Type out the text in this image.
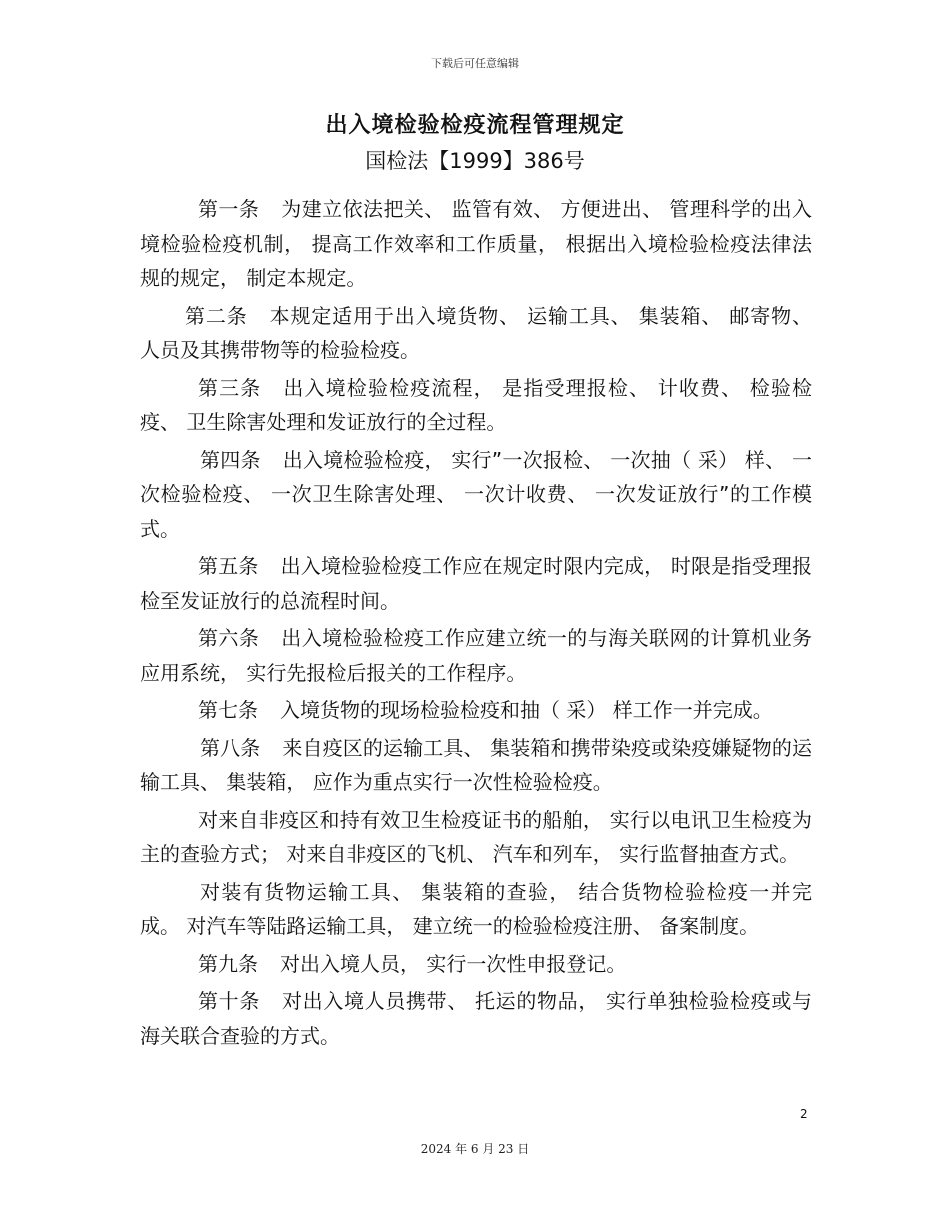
下载后可任意编辑
出入境检验检疫流程管理规定
国检法【1999】386号

第一条 为建立依法把关、 监管有效、 方便进出、 管理科学的出入境检验检疫机制， 提高工作效率和工作质量， 根据出入境检验检疫法律法规的规定， 制定本规定。

第二条 本规定适用于出入境货物、 运输工具、 集装箱、 邮寄物、 人员及其携带物等的检验检疫。

第三条 出入境检验检疫流程， 是指受理报检、 计收费、 检验检疫、 卫生除害处理和发证放行的全过程。

第四条 出入境检验检疫， 实行”一次报检、 一次抽（ 采） 样、 一次检验检疫、 一次卫生除害处理、 一次计收费、 一次发证放行”的工作模式。

第五条 出入境检验检疫工作应在规定时限内完成， 时限是指受理报检至发证放行的总流程时间。

第六条 出入境检验检疫工作应建立统一的与海关联网的计算机业务应用系统， 实行先报检后报关的工作程序。

第七条 入境货物的现场检验检疫和抽（ 采） 样工作一并完成。

第八条 来自疫区的运输工具、 集装箱和携带染疫或染疫嫌疑物的运输工具、 集装箱， 应作为重点实行一次性检验检疫。

对来自非疫区和持有效卫生检疫证书的船舶， 实行以电讯卫生检疫为主的查验方式； 对来自非疫区的飞机、 汽车和列车， 实行监督抽查方式。

对装有货物运输工具、 集装箱的查验， 结合货物检验检疫一并完成。 对汽车等陆路运输工具， 建立统一的检验检疫注册、 备案制度。

第九条 对出入境人员， 实行一次性申报登记。

第十条 对出入境人员携带、 托运的物品， 实行单独检验检疫或与海关联合查验的方式。

2
2024 年 6 月 23 日
